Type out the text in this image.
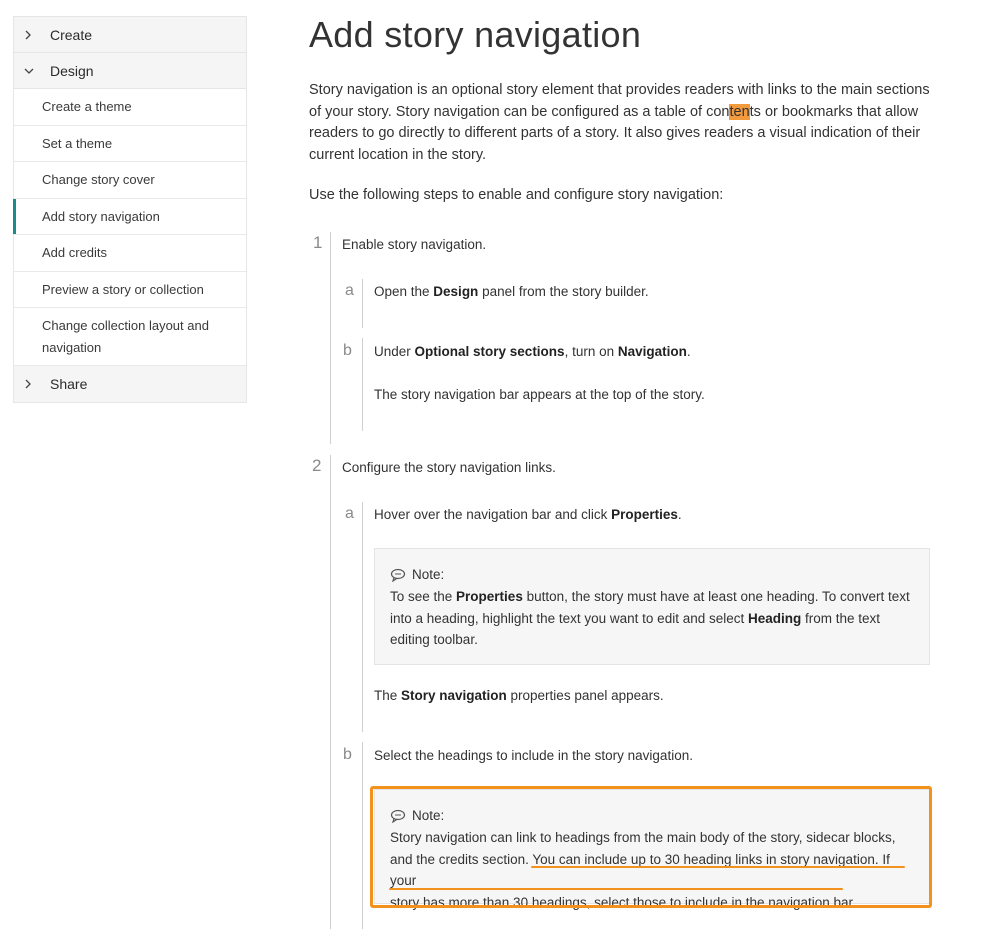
Create
Design
Create a theme
Set a theme
Change story cover
Add story navigation
Add credits
Preview a story or collection
Change collection layout and navigation
Share
Add story navigation

Story navigation is an optional story element that provides readers with links to the main sections of your story. Story navigation can be configured as a table of contents or bookmarks that allow readers to go directly to different parts of a story. It also gives readers a visual indication of their current location in the story.

Use the following steps to enable and configure story navigation:

1 Enable story navigation.
a Open the Design panel from the story builder.
b Under Optional story sections, turn on Navigation.
The story navigation bar appears at the top of the story.
2 Configure the story navigation links.
a Hover over the navigation bar and click Properties.
Note:
To see the Properties button, the story must have at least one heading. To convert text into a heading, highlight the text you want to edit and select Heading from the text editing toolbar.
The Story navigation properties panel appears.
b Select the headings to include in the story navigation.
Note:
Story navigation can link to headings from the main body of the story, sidecar blocks,
and the credits section. You can include up to 30 heading links in story navigation. If your
story has more than 30 headings, select those to include in the navigation bar.
